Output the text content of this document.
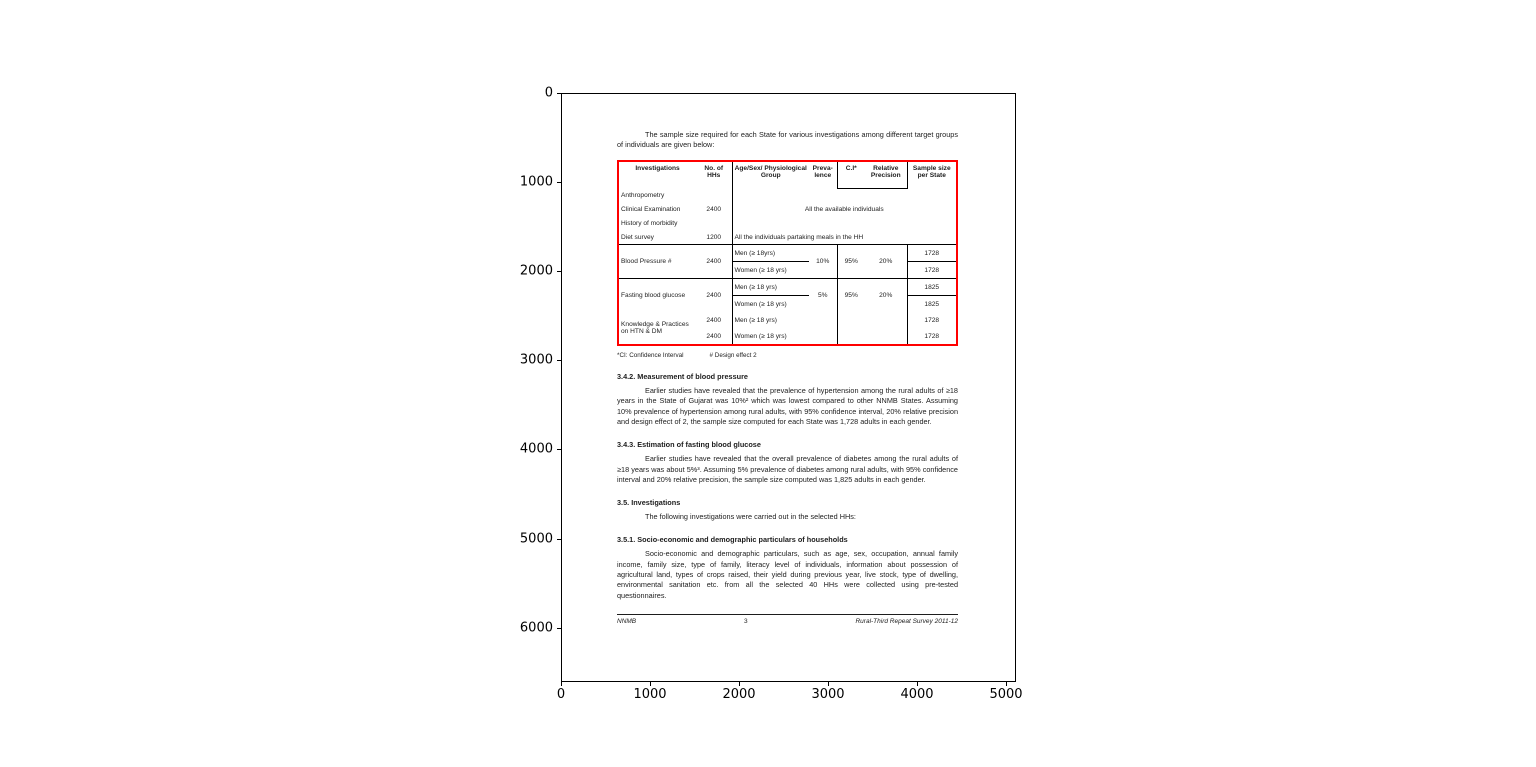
0
1000
2000
3000
4000
5000
6000
0	1000	2000	3000	4000	5000

The sample size required for each State for various investigations among different target groups of individuals are given below:

Investigations	No. of HHs	Age/Sex/ Physiological Group	Preva-lence	C.I*	Relative Precision	Sample size per State
Anthropometry		All the available individuals				
Clinical Examination	2400					
History of morbidity						
Diet survey	1200	All the individuals partaking meals in the HH				
Blood Pressure #	2400	Men (≥ 18yrs)	10%	95%	20%	1728
		Women (≥ 18 yrs)				1728
Fasting blood glucose	2400	Men (≥ 18 yrs)	5%	95%	20%	1825
		Women (≥ 18 yrs)				1825
Knowledge & Practices on HTN & DM	2400	Men (≥ 18 yrs)				1728
	2400	Women (≥ 18 yrs)				1728
*CI: Confidence Interval	# Design effect 2
3.4.2. Measurement of blood pressure

Earlier studies have revealed that the prevalence of hypertension among the rural adults of ≥18 years in the State of Gujarat was 10%² which was lowest compared to other NNMB States. Assuming 10% prevalence of hypertension among rural adults, with 95% confidence interval, 20% relative precision and design effect of 2, the sample size computed for each State was 1,728 adults in each gender.

3.4.3. Estimation of fasting blood glucose

Earlier studies have revealed that the overall prevalence of diabetes among the rural adults of ≥18 years was about 5%³. Assuming 5% prevalence of diabetes among rural adults, with 95% confidence interval and 20% relative precision, the sample size computed was 1,825 adults in each gender.

3.5. Investigations

The following investigations were carried out in the selected HHs:

3.5.1. Socio-economic and demographic particulars of households

Socio-economic and demographic particulars, such as age, sex, occupation, annual family income, family size, type of family, literacy level of individuals, information about possession of agricultural land, types of crops raised, their yield during previous year, live stock, type of dwelling, environmental sanitation etc. from all the selected 40 HHs were collected using pre-tested questionnaires.

NNMB	3	Rural-Third Repeat Survey 2011-12
